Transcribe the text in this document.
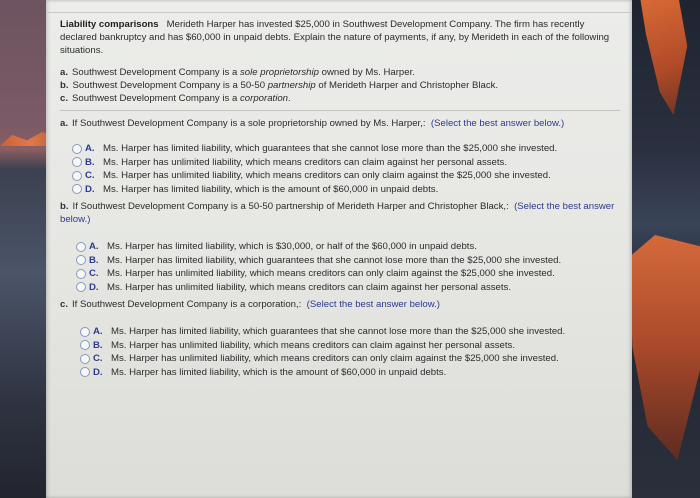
Liability comparisons Merideth Harper has invested $25,000 in Southwest Development Company. The firm has recently declared bankruptcy and has $60,000 in unpaid debts. Explain the nature of payments, if any, by Merideth in each of the following situations.

a. Southwest Development Company is a sole proprietorship owned by Ms. Harper.
b. Southwest Development Company is a 50-50 partnership of Merideth Harper and Christopher Black.
c. Southwest Development Company is a corporation.

a. If Southwest Development Company is a sole proprietorship owned by Ms. Harper,: (Select the best answer below.)

A. Ms. Harper has limited liability, which guarantees that she cannot lose more than the $25,000 she invested.
B. Ms. Harper has unlimited liability, which means creditors can claim against her personal assets.
C. Ms. Harper has unlimited liability, which means creditors can only claim against the $25,000 she invested.
D. Ms. Harper has limited liability, which is the amount of $60,000 in unpaid debts.

b. If Southwest Development Company is a 50-50 partnership of Merideth Harper and Christopher Black,: (Select the best answer below.)

A. Ms. Harper has limited liability, which is $30,000, or half of the $60,000 in unpaid debts.
B. Ms. Harper has limited liability, which guarantees that she cannot lose more than the $25,000 she invested.
C. Ms. Harper has unlimited liability, which means creditors can only claim against the $25,000 she invested.
D. Ms. Harper has unlimited liability, which means creditors can claim against her personal assets.

c. If Southwest Development Company is a corporation,: (Select the best answer below.)

A. Ms. Harper has limited liability, which guarantees that she cannot lose more than the $25,000 she invested.
B. Ms. Harper has unlimited liability, which means creditors can claim against her personal assets.
C. Ms. Harper has unlimited liability, which means creditors can only claim against the $25,000 she invested.
D. Ms. Harper has limited liability, which is the amount of $60,000 in unpaid debts.
